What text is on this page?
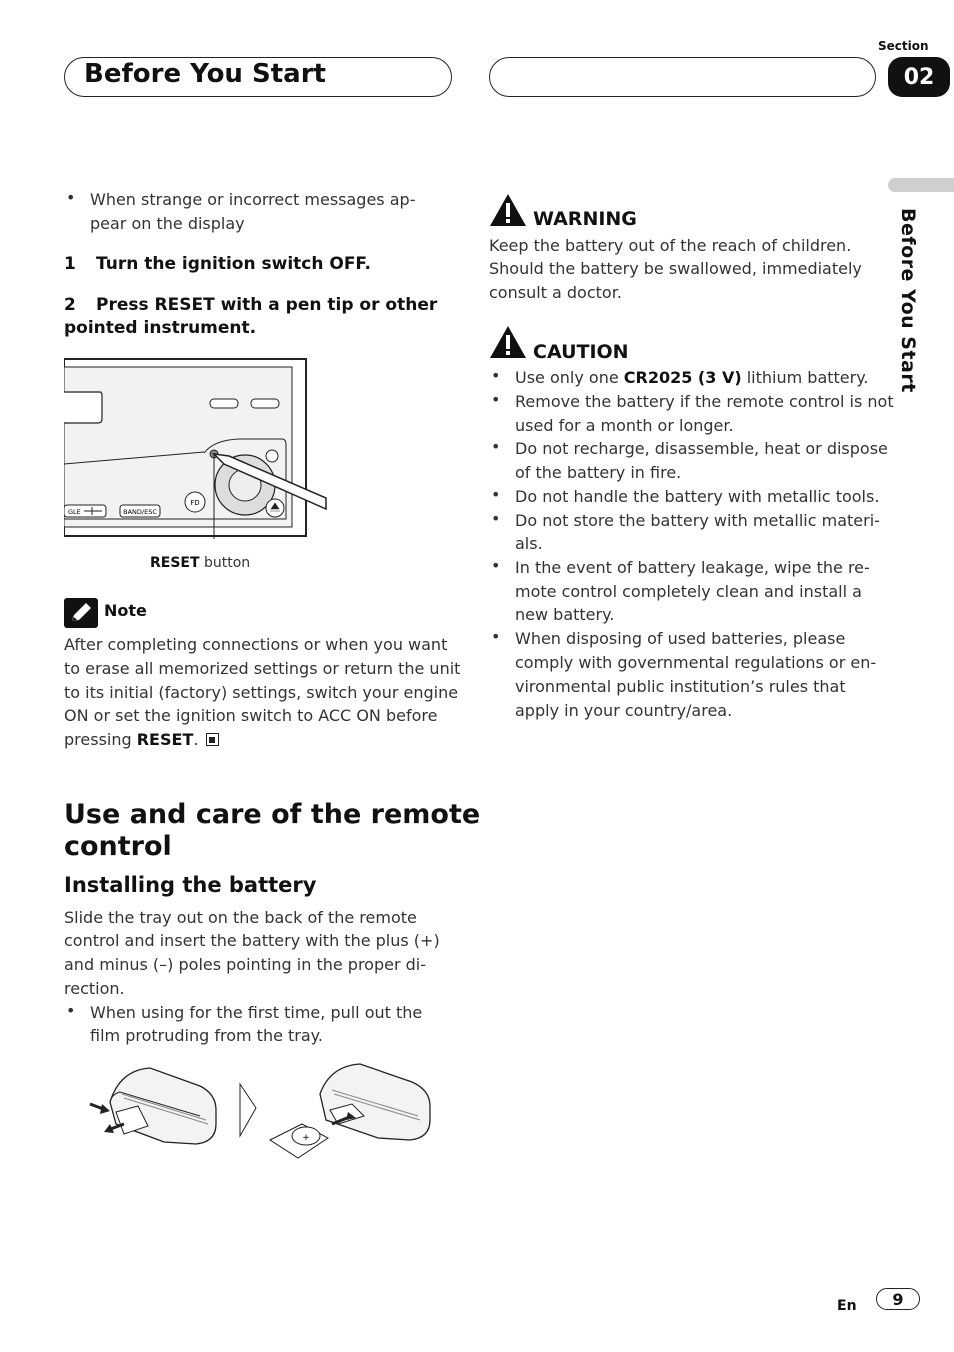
Before You Start
Section
02
Before You Start
• When strange or incorrect messages ap-
pear on the display
1 Turn the ignition switch OFF.
2 Press RESET with a pen tip or other
pointed instrument.
FD
BAND/ESC
GLE
RESET button
Note
After completing connections or when you want
to erase all memorized settings or return the unit
to its initial (factory) settings, switch your engine
ON or set the ignition switch to ACC ON before
pressing RESET.
Use and care of the remote
control
Installing the battery
Slide the tray out on the back of the remote
control and insert the battery with the plus (+)
and minus (–) poles pointing in the proper di-
rection.
• When using for the first time, pull out the
film protruding from the tray.
+
WARNING
Keep the battery out of the reach of children.
Should the battery be swallowed, immediately
consult a doctor.
CAUTION
• Use only one CR2025 (3 V) lithium battery.
• Remove the battery if the remote control is not
used for a month or longer.
• Do not recharge, disassemble, heat or dispose
of the battery in fire.
• Do not handle the battery with metallic tools.
• Do not store the battery with metallic materi-
als.
• In the event of battery leakage, wipe the re-
mote control completely clean and install a
new battery.
• When disposing of used batteries, please
comply with governmental regulations or en-
vironmental public institution’s rules that
apply in your country/area.
En	9
